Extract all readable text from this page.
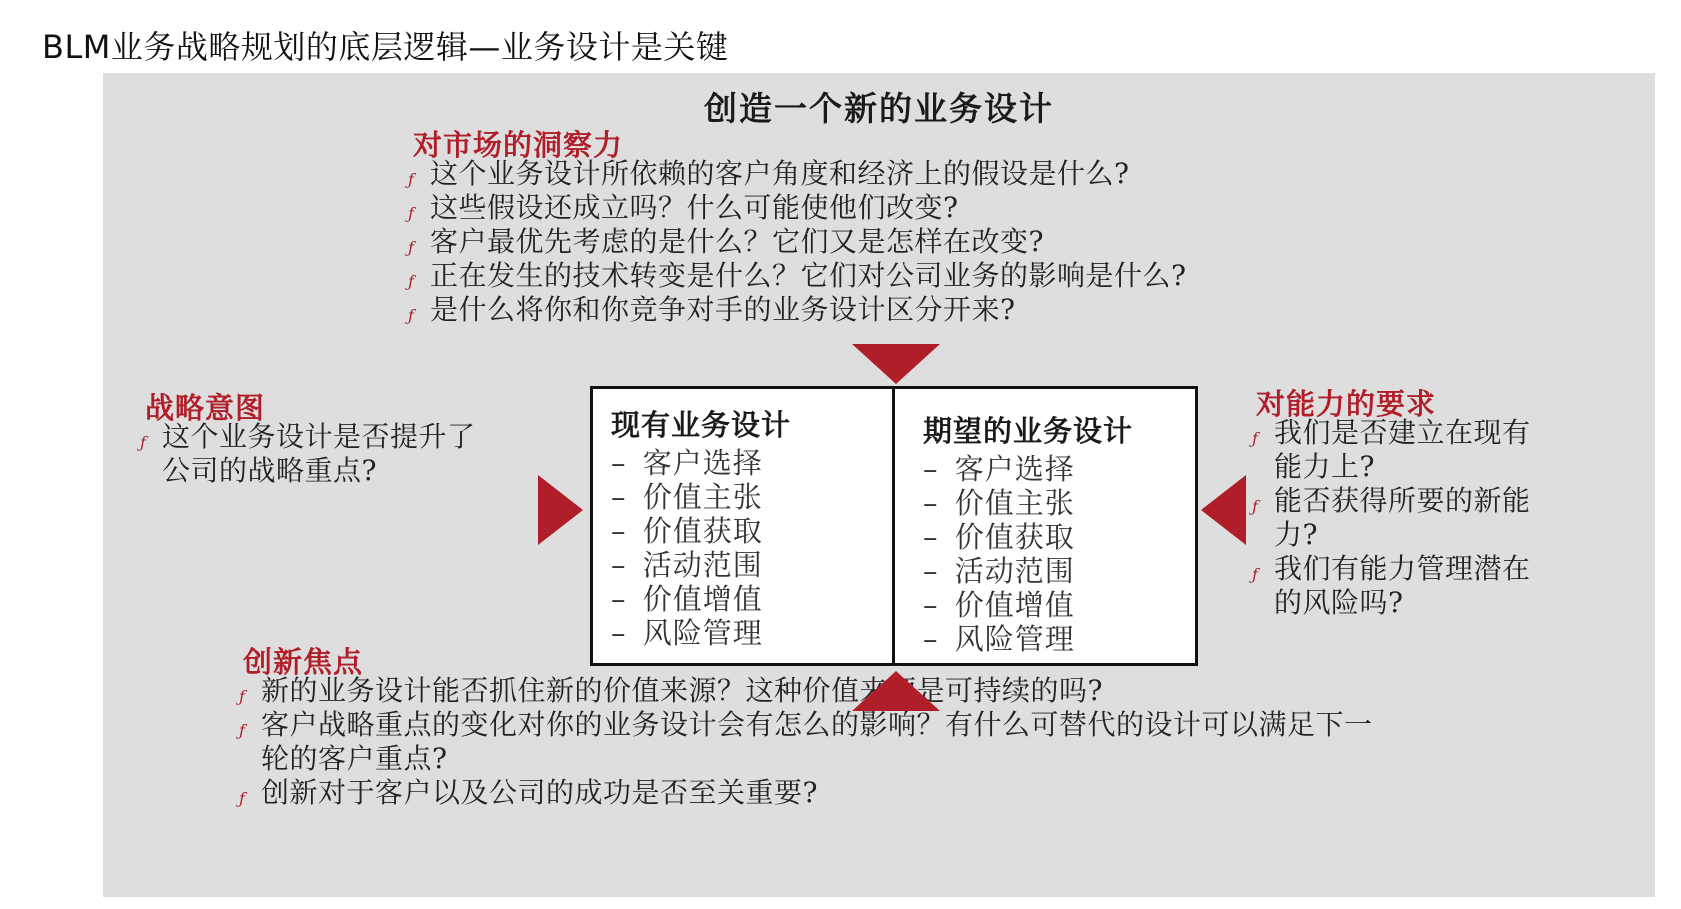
BLM业务战略规划的底层逻辑—业务设计是关键
创造一个新的业务设计
对市场的洞察力
ƒ 这个业务设计所依赖的客户角度和经济上的假设是什么?
ƒ 这些假设还成立吗？什么可能使他们改变?
ƒ 客户最优先考虑的是什么？它们又是怎样在改变?
ƒ 正在发生的技术转变是什么？它们对公司业务的影响是什么?
ƒ 是什么将你和你竞争对手的业务设计区分开来?
战略意图
ƒ 这个业务设计是否提升了公司的战略重点?
对能力的要求
ƒ 我们是否建立在现有能力上?
ƒ 能否获得所要的新能力?
ƒ 我们有能力管理潜在的风险吗?
创新焦点
ƒ 新的业务设计能否抓住新的价值来源？这种价值来源是可持续的吗?
ƒ 客户战略重点的变化对你的业务设计会有怎么的影响？有什么可替代的设计可以满足下一轮的客户重点?
ƒ 创新对于客户以及公司的成功是否至关重要?
现有业务设计
– 客户选择
– 价值主张
– 价值获取
– 活动范围
– 价值增值
– 风险管理
期望的业务设计
– 客户选择
– 价值主张
– 价值获取
– 活动范围
– 价值增值
– 风险管理
